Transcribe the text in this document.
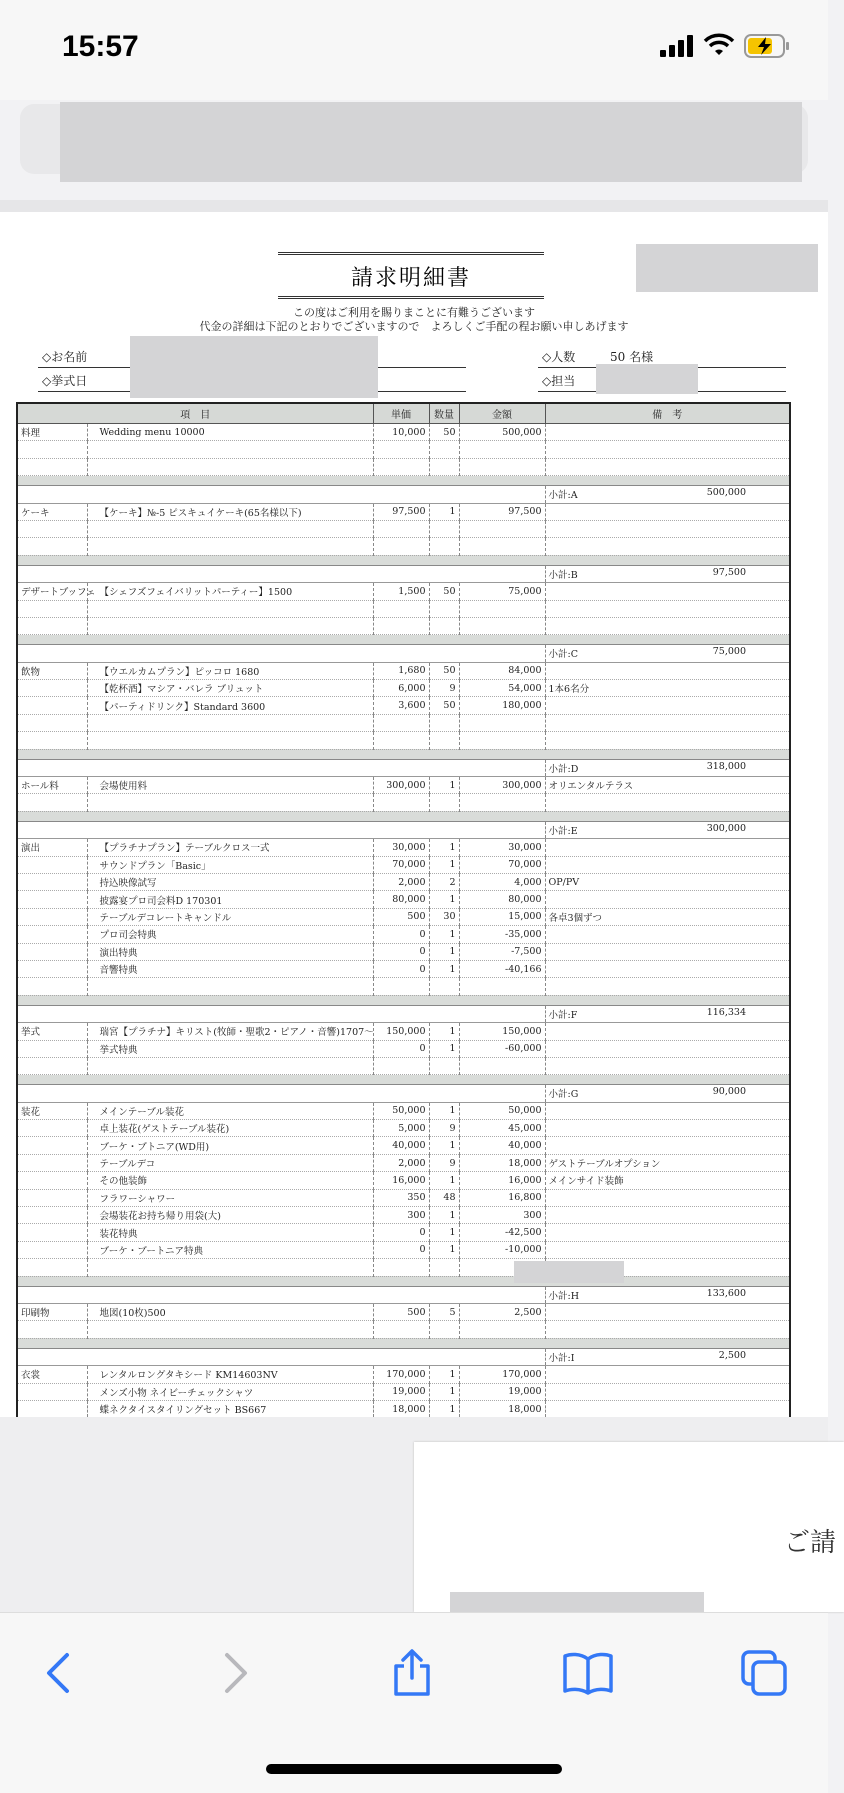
15:57
請求明細書
この度はご利用を賜りまことに有難うございます
代金の詳細は下記のとおりでございますので　よろしくご手配の程お願い申しあげます
◇お名前
◇挙式日
◇人数	50 名様
◇担当
項　目		単価	数量	金額	備　考
料理	Wedding menu 10000	10,000	50	500,000	

					小計:A 500,000

ケーキ	【ケーキ】№-5 ピスキュイケーキ(65名様以下)	97,500	1	97,500	

					小計:B 97,500

デザートブッフェ	【シェフズフェイバリットパーティー】1500	1,500	50	75,000	

					小計:C 75,000

飲物	【ウエルカムプラン】ピッコロ 1680	1,680	50	84,000	
	【乾杯酒】マシア・バレラ ブリュット	6,000	9	54,000	1本6名分
	【パーティドリンク】Standard 3600	3,600	50	180,000	

					小計:D 318,000

ホール料	会場使用料	300,000	1	300,000	オリエンタルテラス

					小計:E 300,000

演出	【プラチナプラン】テーブルクロス一式	30,000	1	30,000	
	サウンドプラン「Basic」	70,000	1	70,000	
	持込映像試写	2,000	2	4,000	OP/PV
	披露宴プロ司会料D 170301	80,000	1	80,000	
	テーブルデコレートキャンドル	500	30	15,000	各卓3個ずつ
	プロ司会特典	0	1	-35,000	
	演出特典	0	1	-7,500	
	音響特典	0	1	-40,166	

					小計:F 116,334

挙式	瑞宮【プラチナ】キリスト(牧師・聖歌2・ピアノ・音響)1707〜	150,000	1	150,000	
	挙式特典	0	1	-60,000	

					小計:G 90,000

装花	メインテーブル装花	50,000	1	50,000	
	卓上装花(ゲストテーブル装花)	5,000	9	45,000	
	ブーケ・ブトニア(WD用)	40,000	1	40,000	
	テーブルデコ	2,000	9	18,000	ゲストテーブルオプション
	その他装飾	16,000	1	16,000	メインサイド装飾
	フラワーシャワー	350	48	16,800	
	会場装花お持ち帰り用袋(大)	300	1	300	
	装花特典	0	1	-42,500	
	ブーケ・ブートニア特典	0	1	-10,000	

					小計:H 133,600

印刷物	地図(10枚)500	500	5	2,500	

					小計:I 2,500

衣裳	レンタルロングタキシード KM14603NV	170,000	1	170,000	
	メンズ小物 ネイビーチェックシャツ	19,000	1	19,000	
	蝶ネクタイスタイリングセット BS667	18,000	1	18,000	
ご請
